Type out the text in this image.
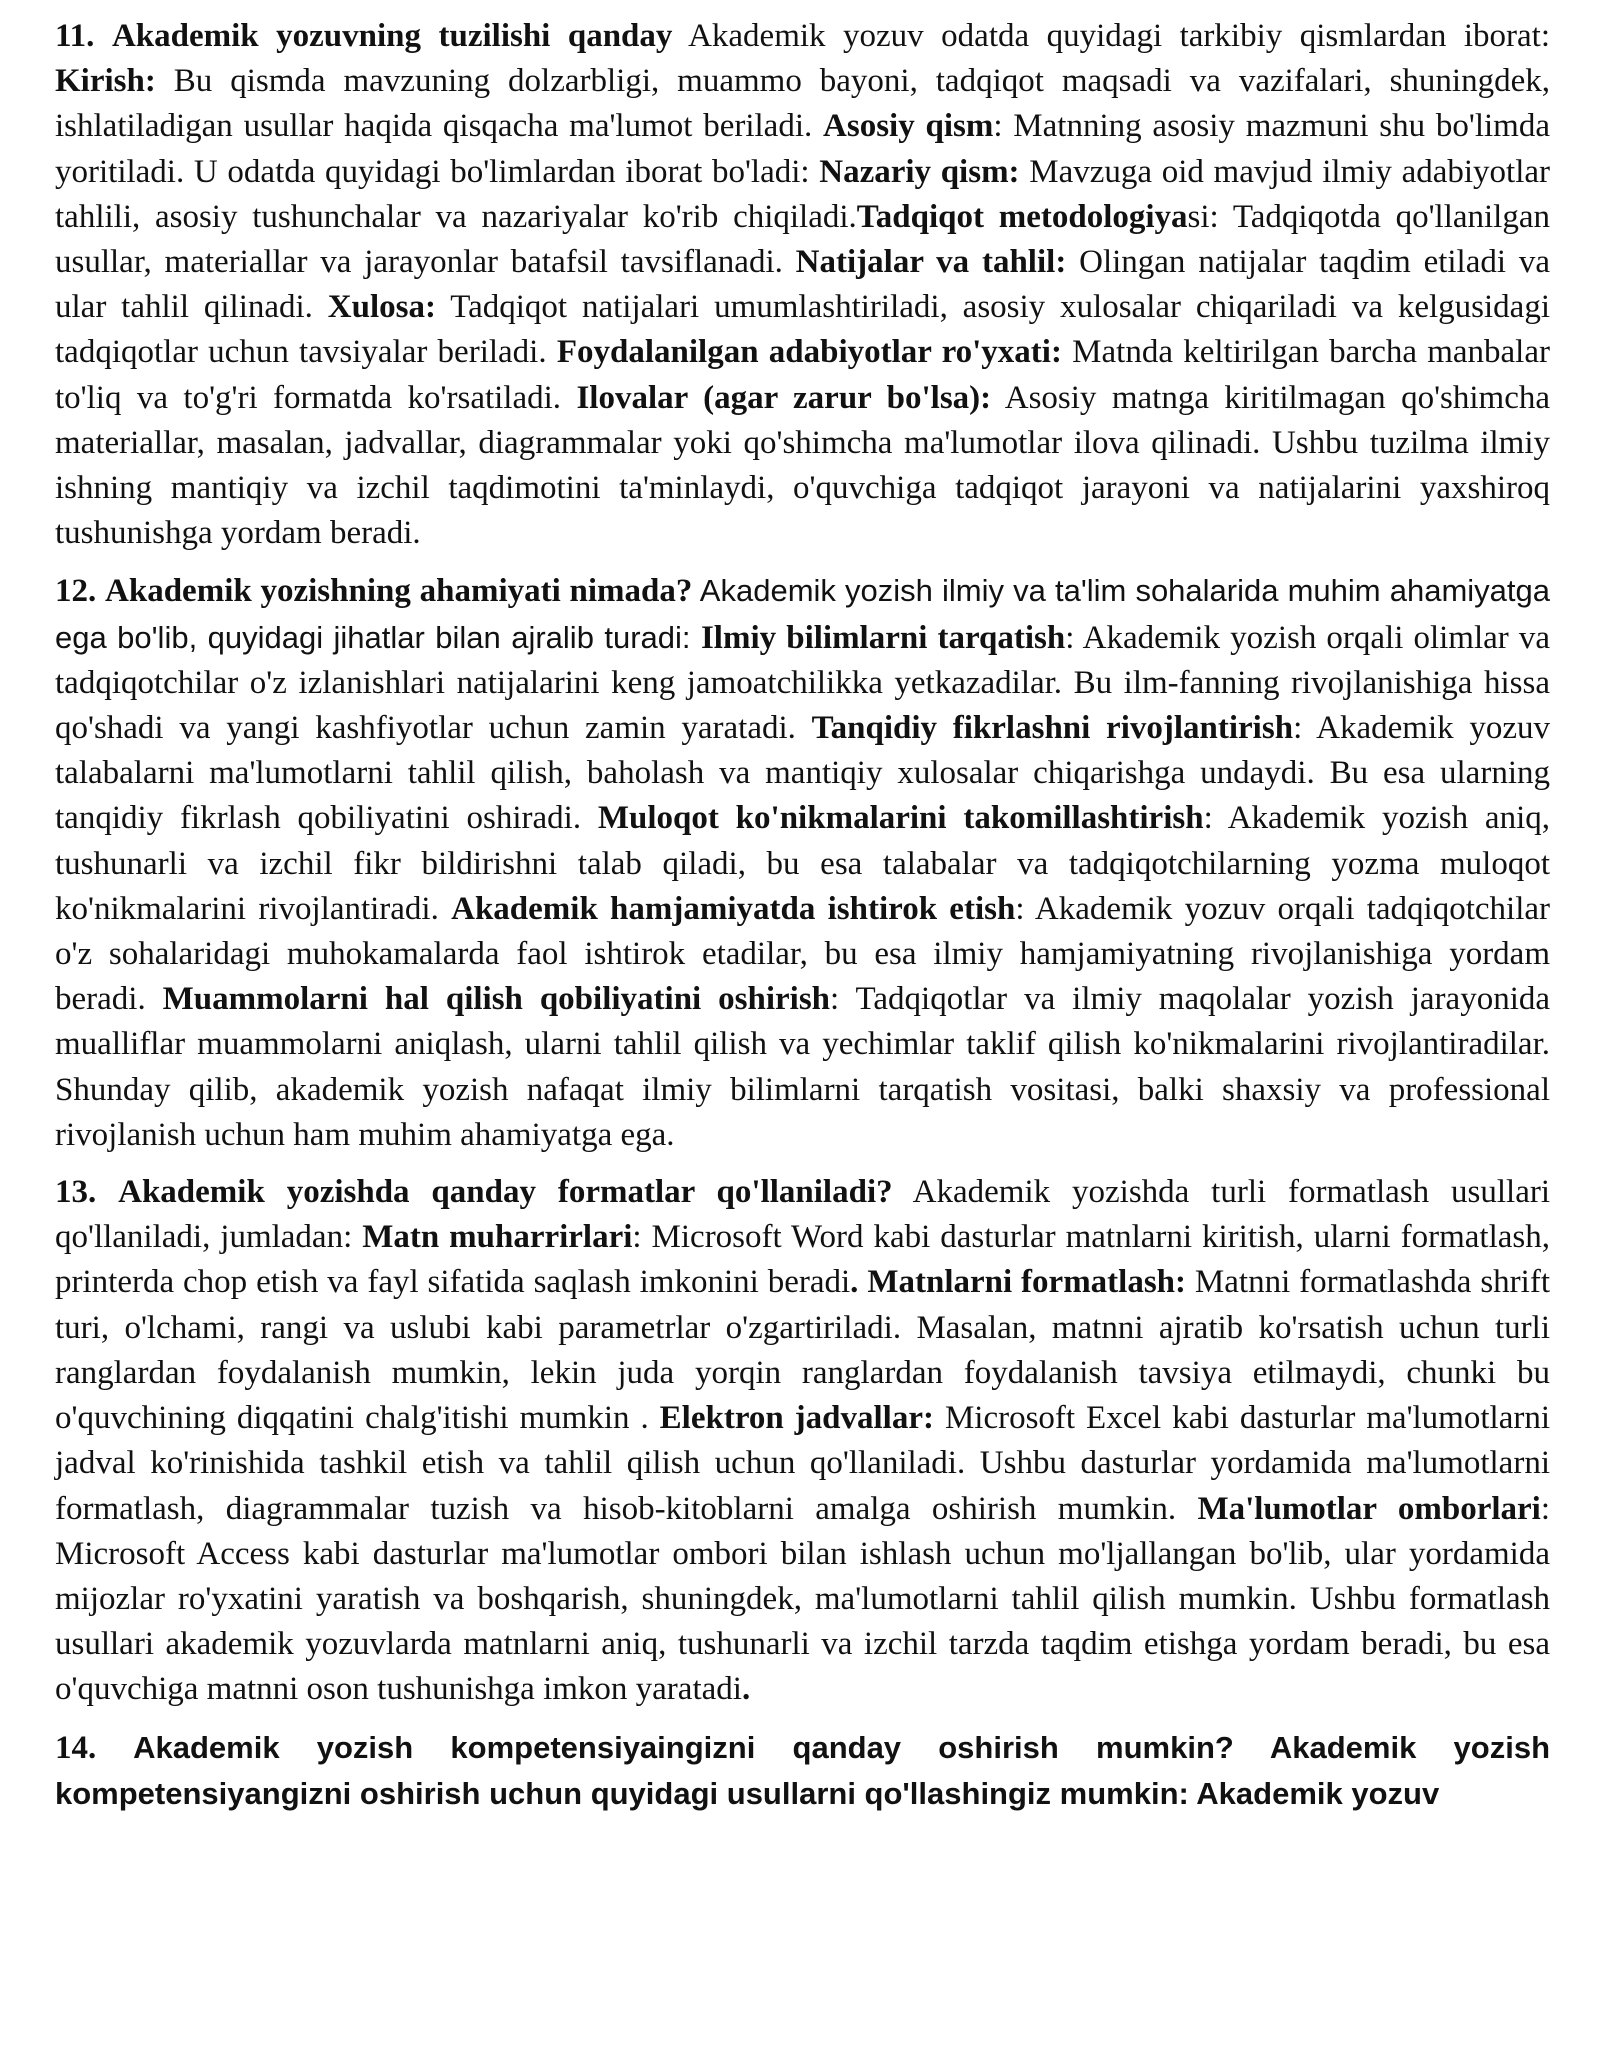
11. Akademik yozuvning tuzilishi qanday Akademik yozuv odatda quyidagi tarkibiy qismlardan iborat: Kirish: Bu qismda mavzuning dolzarbligi, muammo bayoni, tadqiqot maqsadi va vazifalari, shuningdek, ishlatiladigan usullar haqida qisqacha ma'lumot beriladi. Asosiy qism: Matnning asosiy mazmuni shu bo'limda yoritiladi. U odatda quyidagi bo'limlardan iborat bo'ladi: Nazariy qism: Mavzuga oid mavjud ilmiy adabiyotlar tahlili, asosiy tushunchalar va nazariyalar ko'rib chiqiladi.Tadqiqot metodologiyasi: Tadqiqotda qo'llanilgan usullar, materiallar va jarayonlar batafsil tavsiflanadi. Natijalar va tahlil: Olingan natijalar taqdim etiladi va ular tahlil qilinadi. Xulosa: Tadqiqot natijalari umumlashtiriladi, asosiy xulosalar chiqariladi va kelgusidagi tadqiqotlar uchun tavsiyalar beriladi. Foydalanilgan adabiyotlar ro'yxati: Matnda keltirilgan barcha manbalar to'liq va to'g'ri formatda ko'rsatiladi. Ilovalar (agar zarur bo'lsa): Asosiy matnga kiritilmagan qo'shimcha materiallar, masalan, jadvallar, diagrammalar yoki qo'shimcha ma'lumotlar ilova qilinadi. Ushbu tuzilma ilmiy ishning mantiqiy va izchil taqdimotini ta'minlaydi, o'quvchiga tadqiqot jarayoni va natijalarini yaxshiroq tushunishga yordam beradi.

12. Akademik yozishning ahamiyati nimada? Akademik yozish ilmiy va ta'lim sohalarida muhim ahamiyatga ega bo'lib, quyidagi jihatlar bilan ajralib turadi: Ilmiy bilimlarni tarqatish: Akademik yozish orqali olimlar va tadqiqotchilar o'z izlanishlari natijalarini keng jamoatchilikka yetkazadilar. Bu ilm-fanning rivojlanishiga hissa qo'shadi va yangi kashfiyotlar uchun zamin yaratadi. Tanqidiy fikrlashni rivojlantirish: Akademik yozuv talabalarni ma'lumotlarni tahlil qilish, baholash va mantiqiy xulosalar chiqarishga undaydi. Bu esa ularning tanqidiy fikrlash qobiliyatini oshiradi. Muloqot ko'nikmalarini takomillashtirish: Akademik yozish aniq, tushunarli va izchil fikr bildirishni talab qiladi, bu esa talabalar va tadqiqotchilarning yozma muloqot ko'nikmalarini rivojlantiradi. Akademik hamjamiyatda ishtirok etish: Akademik yozuv orqali tadqiqotchilar o'z sohalaridagi muhokamalarda faol ishtirok etadilar, bu esa ilmiy hamjamiyatning rivojlanishiga yordam beradi. Muammolarni hal qilish qobiliyatini oshirish: Tadqiqotlar va ilmiy maqolalar yozish jarayonida mualliflar muammolarni aniqlash, ularni tahlil qilish va yechimlar taklif qilish ko'nikmalarini rivojlantiradilar. Shunday qilib, akademik yozish nafaqat ilmiy bilimlarni tarqatish vositasi, balki shaxsiy va professional rivojlanish uchun ham muhim ahamiyatga ega.

13. Akademik yozishda qanday formatlar qo'llaniladi? Akademik yozishda turli formatlash usullari qo'llaniladi, jumladan: Matn muharrirlari: Microsoft Word kabi dasturlar matnlarni kiritish, ularni formatlash, printerda chop etish va fayl sifatida saqlash imkonini beradi. Matnlarni formatlash: Matnni formatlashda shrift turi, o'lchami, rangi va uslubi kabi parametrlar o'zgartiriladi. Masalan, matnni ajratib ko'rsatish uchun turli ranglardan foydalanish mumkin, lekin juda yorqin ranglardan foydalanish tavsiya etilmaydi, chunki bu o'quvchining diqqatini chalg'itishi mumkin . Elektron jadvallar: Microsoft Excel kabi dasturlar ma'lumotlarni jadval ko'rinishida tashkil etish va tahlil qilish uchun qo'llaniladi. Ushbu dasturlar yordamida ma'lumotlarni formatlash, diagrammalar tuzish va hisob-kitoblarni amalga oshirish mumkin. Ma'lumotlar omborlari: Microsoft Access kabi dasturlar ma'lumotlar ombori bilan ishlash uchun mo'ljallangan bo'lib, ular yordamida mijozlar ro'yxatini yaratish va boshqarish, shuningdek, ma'lumotlarni tahlil qilish mumkin. Ushbu formatlash usullari akademik yozuvlarda matnlarni aniq, tushunarli va izchil tarzda taqdim etishga yordam beradi, bu esa o'quvchiga matnni oson tushunishga imkon yaratadi.

14. Akademik yozish kompetensiyaingizni qanday oshirish mumkin? Akademik yozish kompetensiyangizni oshirish uchun quyidagi usullarni qo'llashingiz mumkin: Akademik yozuv
